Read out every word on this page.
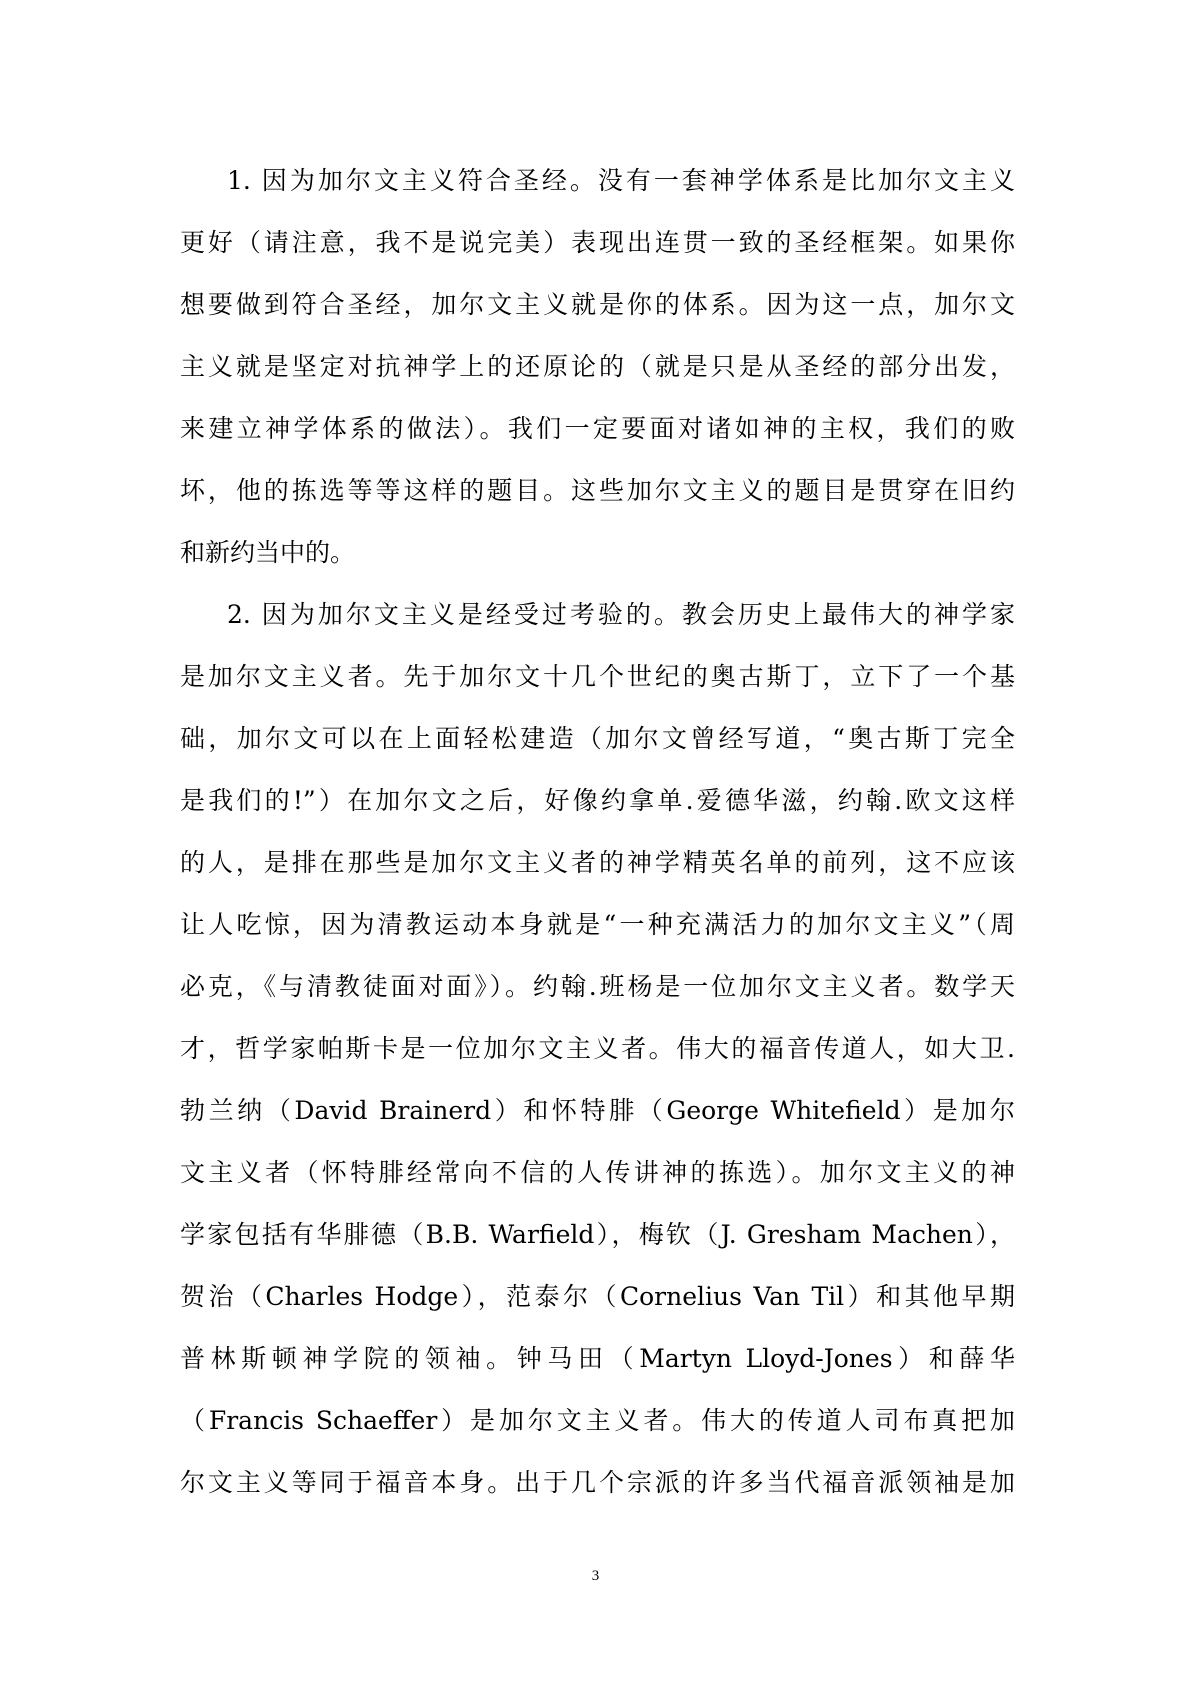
1. 因为加尔文主义符合圣经。没有一套神学体系是比加尔文主义
更好（请注意，我不是说完美）表现出连贯一致的圣经框架。如果你
想要做到符合圣经，加尔文主义就是你的体系。因为这一点，加尔文
主义就是坚定对抗神学上的还原论的（就是只是从圣经的部分出发，
来建立神学体系的做法）。我们一定要面对诸如神的主权，我们的败
坏，他的拣选等等这样的题目。这些加尔文主义的题目是贯穿在旧约
和新约当中的。
2. 因为加尔文主义是经受过考验的。教会历史上最伟大的神学家
是加尔文主义者。先于加尔文十几个世纪的奥古斯丁，立下了一个基
础，加尔文可以在上面轻松建造（加尔文曾经写道，“奥古斯丁完全
是我们的!”）在加尔文之后，好像约拿单.爱德华滋，约翰.欧文这样
的人，是排在那些是加尔文主义者的神学精英名单的前列，这不应该
让人吃惊，因为清教运动本身就是“一种充满活力的加尔文主义”（周
必克，《与清教徒面对面》）。约翰.班杨是一位加尔文主义者。数学天
才，哲学家帕斯卡是一位加尔文主义者。伟大的福音传道人，如大卫.
勃兰纳（David Brainerd）和怀特腓（George Whitefield）是加尔
文主义者（怀特腓经常向不信的人传讲神的拣选）。加尔文主义的神
学家包括有华腓德（B.B. Warfield），梅钦（J. Gresham Machen），
贺治（Charles Hodge），范泰尔（Cornelius Van Til）和其他早期
普林斯顿神学院的领袖。钟马田（Martyn Lloyd-Jones）和薛华
（Francis Schaeffer）是加尔文主义者。伟大的传道人司布真把加
尔文主义等同于福音本身。出于几个宗派的许多当代福音派领袖是加
3
